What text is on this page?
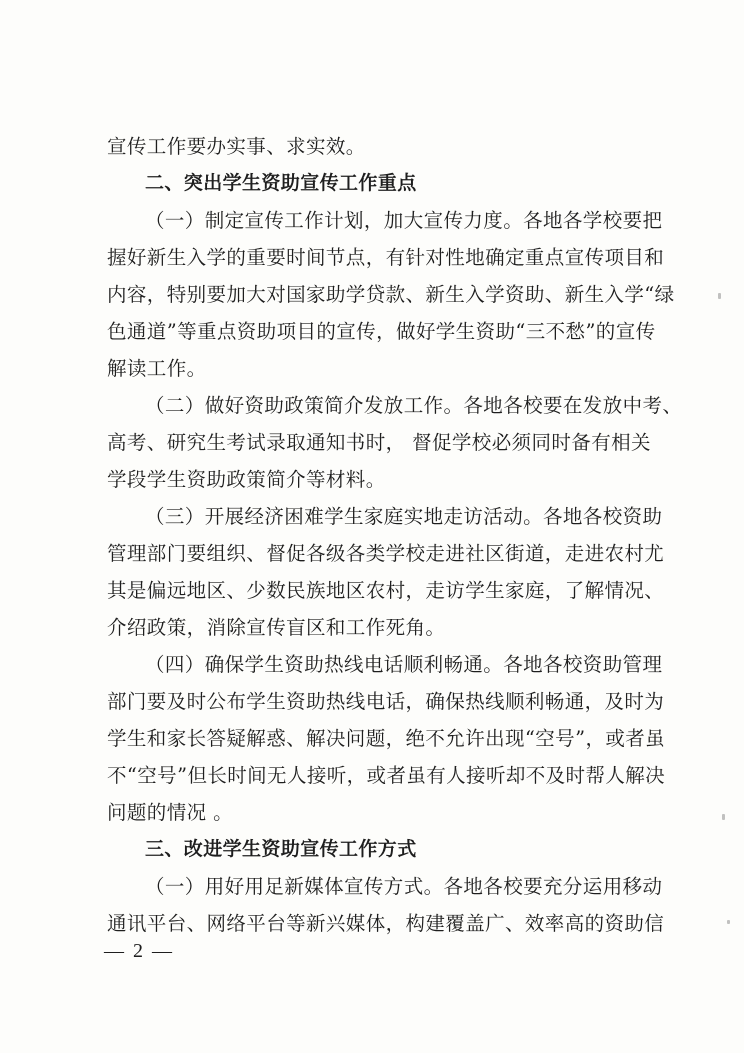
宣传工作要办实事、求实效。
二、突出学生资助宣传工作重点
（一）制定宣传工作计划，加大宣传力度。各地各学校要把
握好新生入学的重要时间节点，有针对性地确定重点宣传项目和
内容，特别要加大对国家助学贷款、新生入学资助、新生入学“绿
色通道”等重点资助项目的宣传，做好学生资助“三不愁”的宣传
解读工作。
（二）做好资助政策简介发放工作。各地各校要在发放中考、
高考、研究生考试录取通知书时， 督促学校必须同时备有相关
学段学生资助政策简介等材料。
（三）开展经济困难学生家庭实地走访活动。各地各校资助
管理部门要组织、督促各级各类学校走进社区街道，走进农村尤
其是偏远地区、少数民族地区农村，走访学生家庭，了解情况、
介绍政策，消除宣传盲区和工作死角。
（四）确保学生资助热线电话顺利畅通。各地各校资助管理
部门要及时公布学生资助热线电话，确保热线顺利畅通，及时为
学生和家长答疑解惑、解决问题，绝不允许出现“空号”，或者虽
不“空号”但长时间无人接听，或者虽有人接听却不及时帮人解决
问题的情况 。
三、改进学生资助宣传工作方式
（一）用好用足新媒体宣传方式。各地各校要充分运用移动
通讯平台、网络平台等新兴媒体，构建覆盖广、效率高的资助信
— 2 —
